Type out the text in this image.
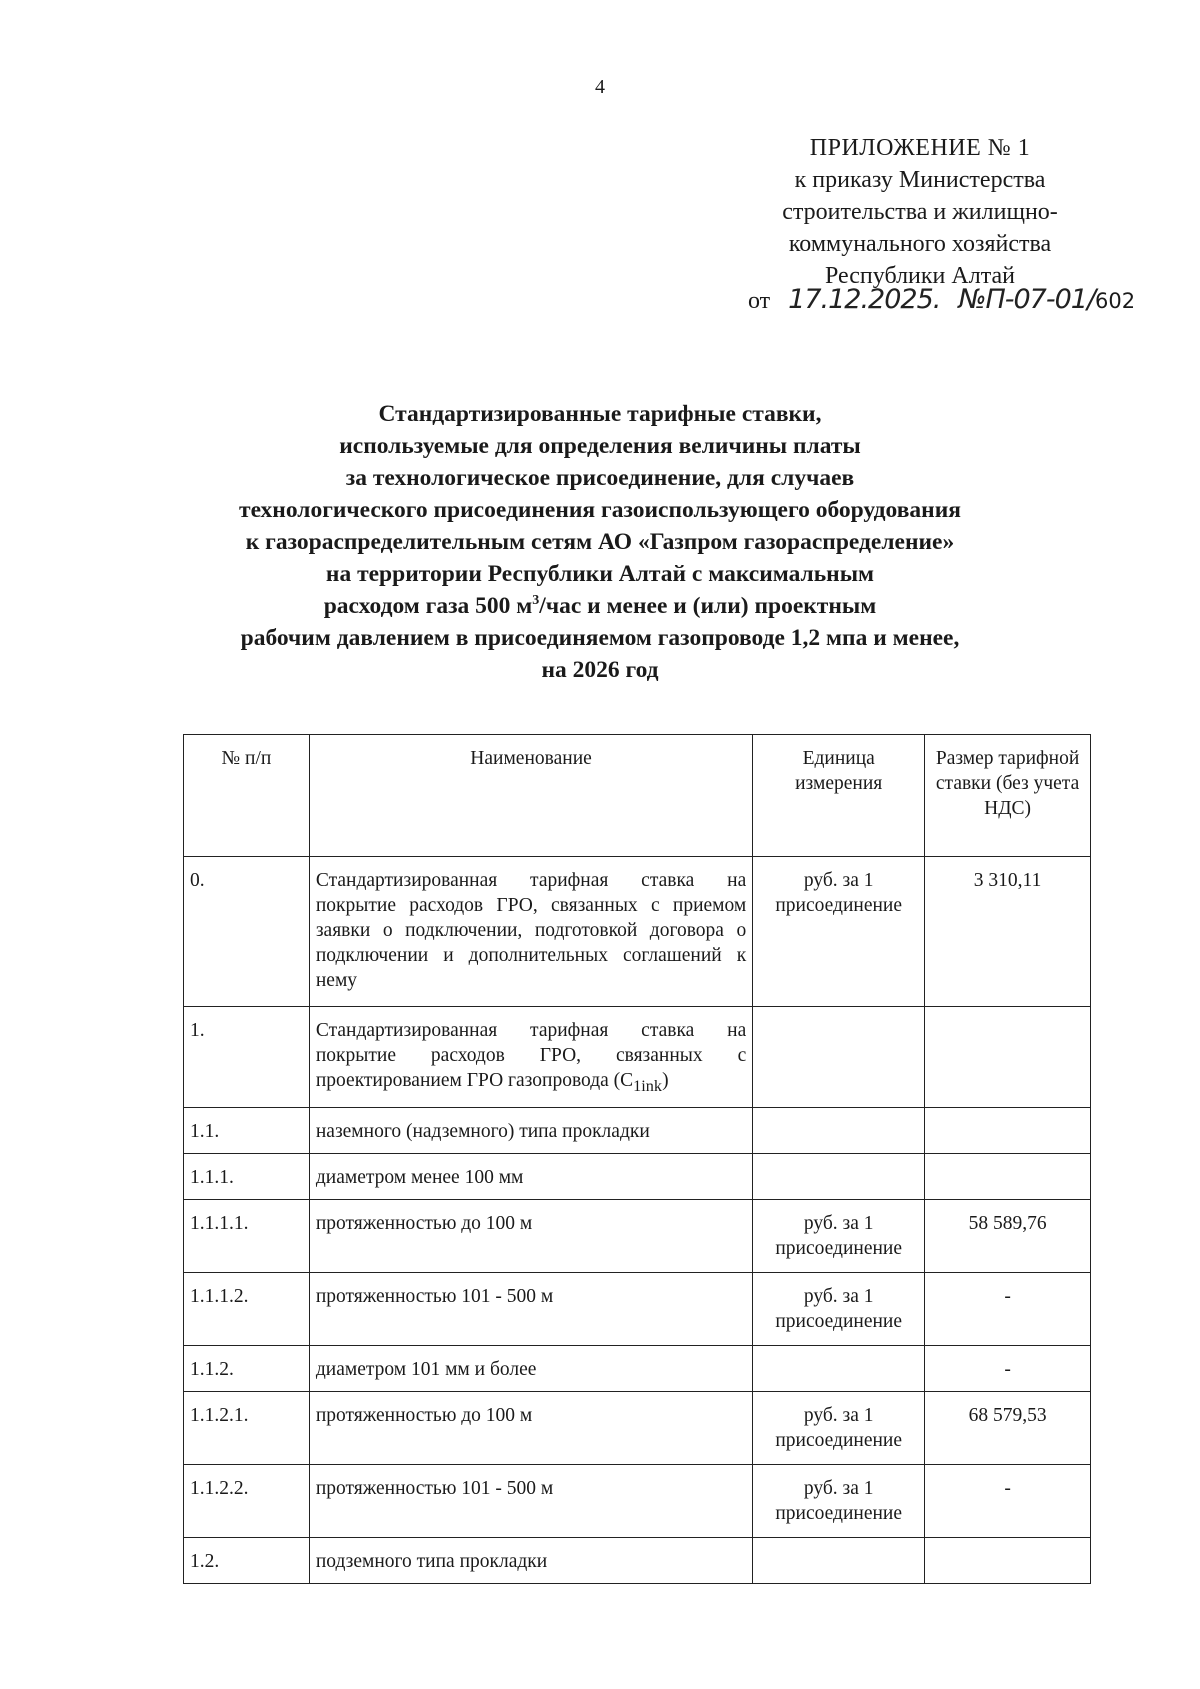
4
ПРИЛОЖЕНИЕ № 1
к приказу Министерства
строительства и жилищно-
коммунального хозяйства
Республики Алтай
от 17.12.2025. №П-07-01/602
Стандартизированные тарифные ставки,
используемые для определения величины платы
за технологическое присоединение, для случаев
технологического присоединения газоиспользующего оборудования
к газораспределительным сетям АО «Газпром газораспределение»
на территории Республики Алтай с максимальным
расходом газа 500 $м^3$/час и менее и (или) проектным
рабочим давлением в присоединяемом газопроводе 1,2 мпа и менее,
на 2026 год
№ п/п	Наименование	Единица измерения	Размер тарифной ставки (без учета НДС)
0.	Стандартизированная тарифная ставка на покрытие расходов ГРО, связанных с приемом заявки о подключении, подготовкой договора о подключении и дополнительных соглашений к нему	руб. за 1 присоединение	3 310,11
1.	Стандартизированная тарифная ставка на покрытие расходов ГРО, связанных с проектированием ГРО газопровода $(C_{1ink})$		
1.1.	наземного (надземного) типа прокладки		
1.1.1.	диаметром менее 100 мм		
1.1.1.1.	протяженностью до 100 м	руб. за 1 присоединение	58 589,76
1.1.1.2.	протяженностью 101 - 500 м	руб. за 1 присоединение	-
1.1.2.	диаметром 101 мм и более		-
1.1.2.1.	протяженностью до 100 м	руб. за 1 присоединение	68 579,53
1.1.2.2.	протяженностью 101 - 500 м	руб. за 1 присоединение	-
1.2.	подземного типа прокладки		
